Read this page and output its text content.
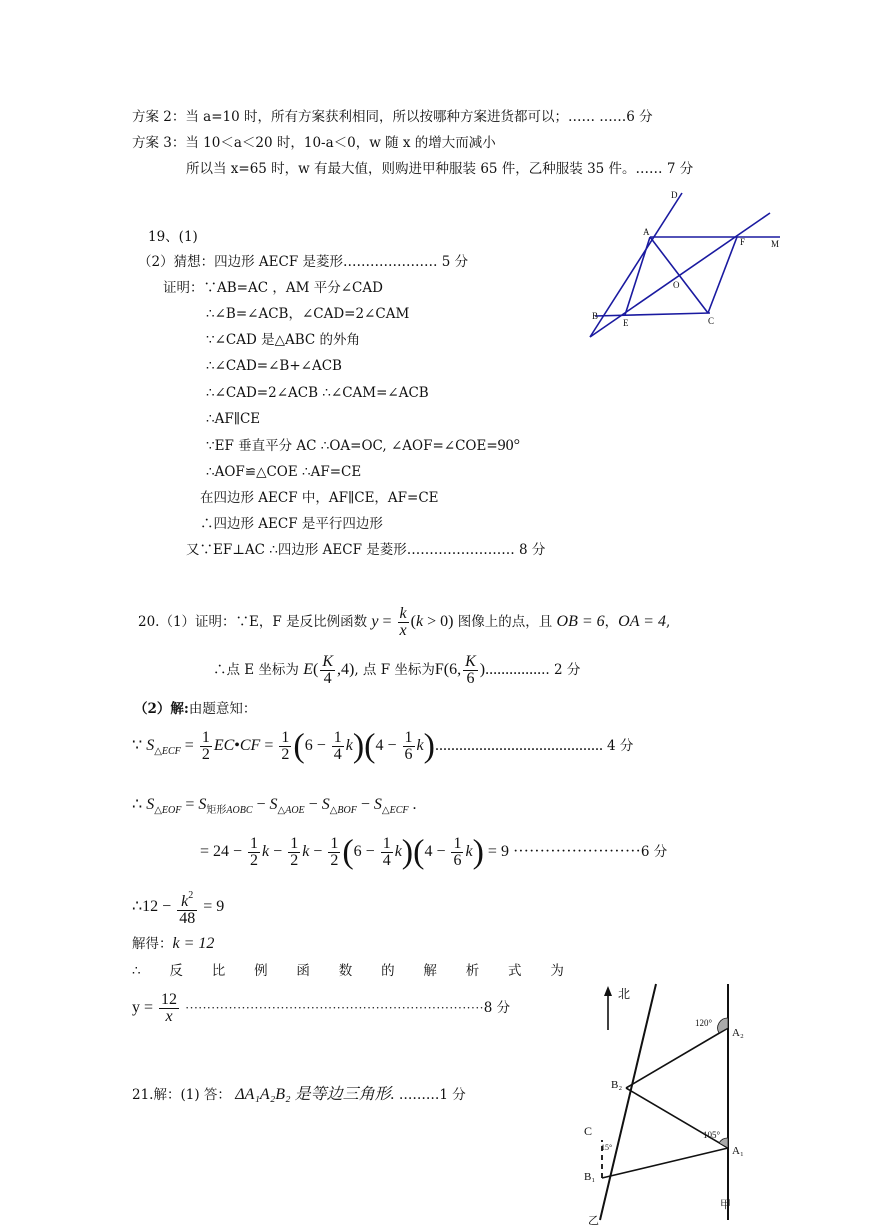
方案 2：当 a=10 时，所有方案获利相同，所以按哪种方案进货都可以；…… ……6 分
方案 3：当 10＜a＜20 时，10-a＜0，w 随 x 的增大而减小
所以当 x=65 时，w 有最大值，则购进甲种服装 65 件，乙种服装 35 件。…… 7 分
19、(1)
（2）猜想：四边形 AECF 是菱形………………… 5 分
证明：∵AB=AC ，AM 平分∠CAD
∴∠B=∠ACB，∠CAD=2∠CAM
∵∠CAD 是△ABC 的外角
∴∠CAD=∠B+∠ACB
∴∠CAD=2∠ACB ∴∠CAM=∠ACB
∴AF∥CE
∵EF 垂直平分 AC ∴OA=OC, ∠AOF=∠COE=90°
∴AOF≌△COE ∴AF=CE
在四边形 AECF 中，AF∥CE，AF=CE
∴四边形 AECF 是平行四边形
又∵EF⊥AC ∴四边形 AECF 是菱形…………………… 8 分
D
A
F	M
O
B
E	C
20.（1）证明：∵E，F 是反比例函数 $y = \frac{k}{x} (k > 0)$ 图像上的点，且 OB = 6，OA = 4,
∴点 E 坐标为 $E( \frac{K}{4} ,4)$, 点 F 坐标为F(6, $\frac{K}{6}$ )................ 2 分
（2）解:由题意知：
∵ $S_{\triangle ECF} = \frac{1}{2}$ EC•CF = $\frac{1}{2} (6 - \frac{1}{4} k)(4 - \frac{1}{6} k)$.......................................... 4 分
∴ $S_{\triangle EOF} = S_{矩形AOBC} - S_{\triangle AOE} - S_{\triangle BOF} - S_{\triangle ECF}$ .
= $24 - \frac{1}{2}$ $k - \frac{1}{2}$ $k - \frac{1}{2} (6 - \frac{1}{4} k)(4 - \frac{1}{6} k) = 9 \cdot\cdot\cdot\cdot\cdot\cdot\cdot\cdot\cdot\cdot\cdot\cdot\cdot\cdot\cdot\cdot\cdot\cdot\cdot\cdot\cdot\cdot\cdot\cdot 6$ 分
∴12 − $\frac{k^2}{48} = 9$
解得：k = 12
∴ 反 比 例 函 数 的 解 析 式 为
$y = \frac{12}{x} \cdot\cdot\cdot\cdot\cdot\cdot\cdot\cdot\cdot\cdot\cdot\cdot\cdot\cdot\cdot\cdot\cdot\cdot\cdot\cdot\cdot\cdot\cdot\cdot\cdot\cdot\cdot\cdot\cdot\cdot\cdot\cdot\cdot\cdot\cdot\cdot\cdot\cdot\cdot\cdot\cdot\cdot\cdot\cdot\cdot\cdot\cdot\cdot\cdot\cdot\cdot\cdot\cdot\cdot\cdot\cdot\cdot\cdot\cdot\cdot\cdot\cdot\cdot\cdot\cdot\cdot\cdot\cdot\cdot 8$ 分
21.解：(1) 答： ΔA₁A₂B₂ 是等边三角形. ………1 分
北
120°
A₂
B₂
C
15°
105°
A₁
B₁
甲
乙
